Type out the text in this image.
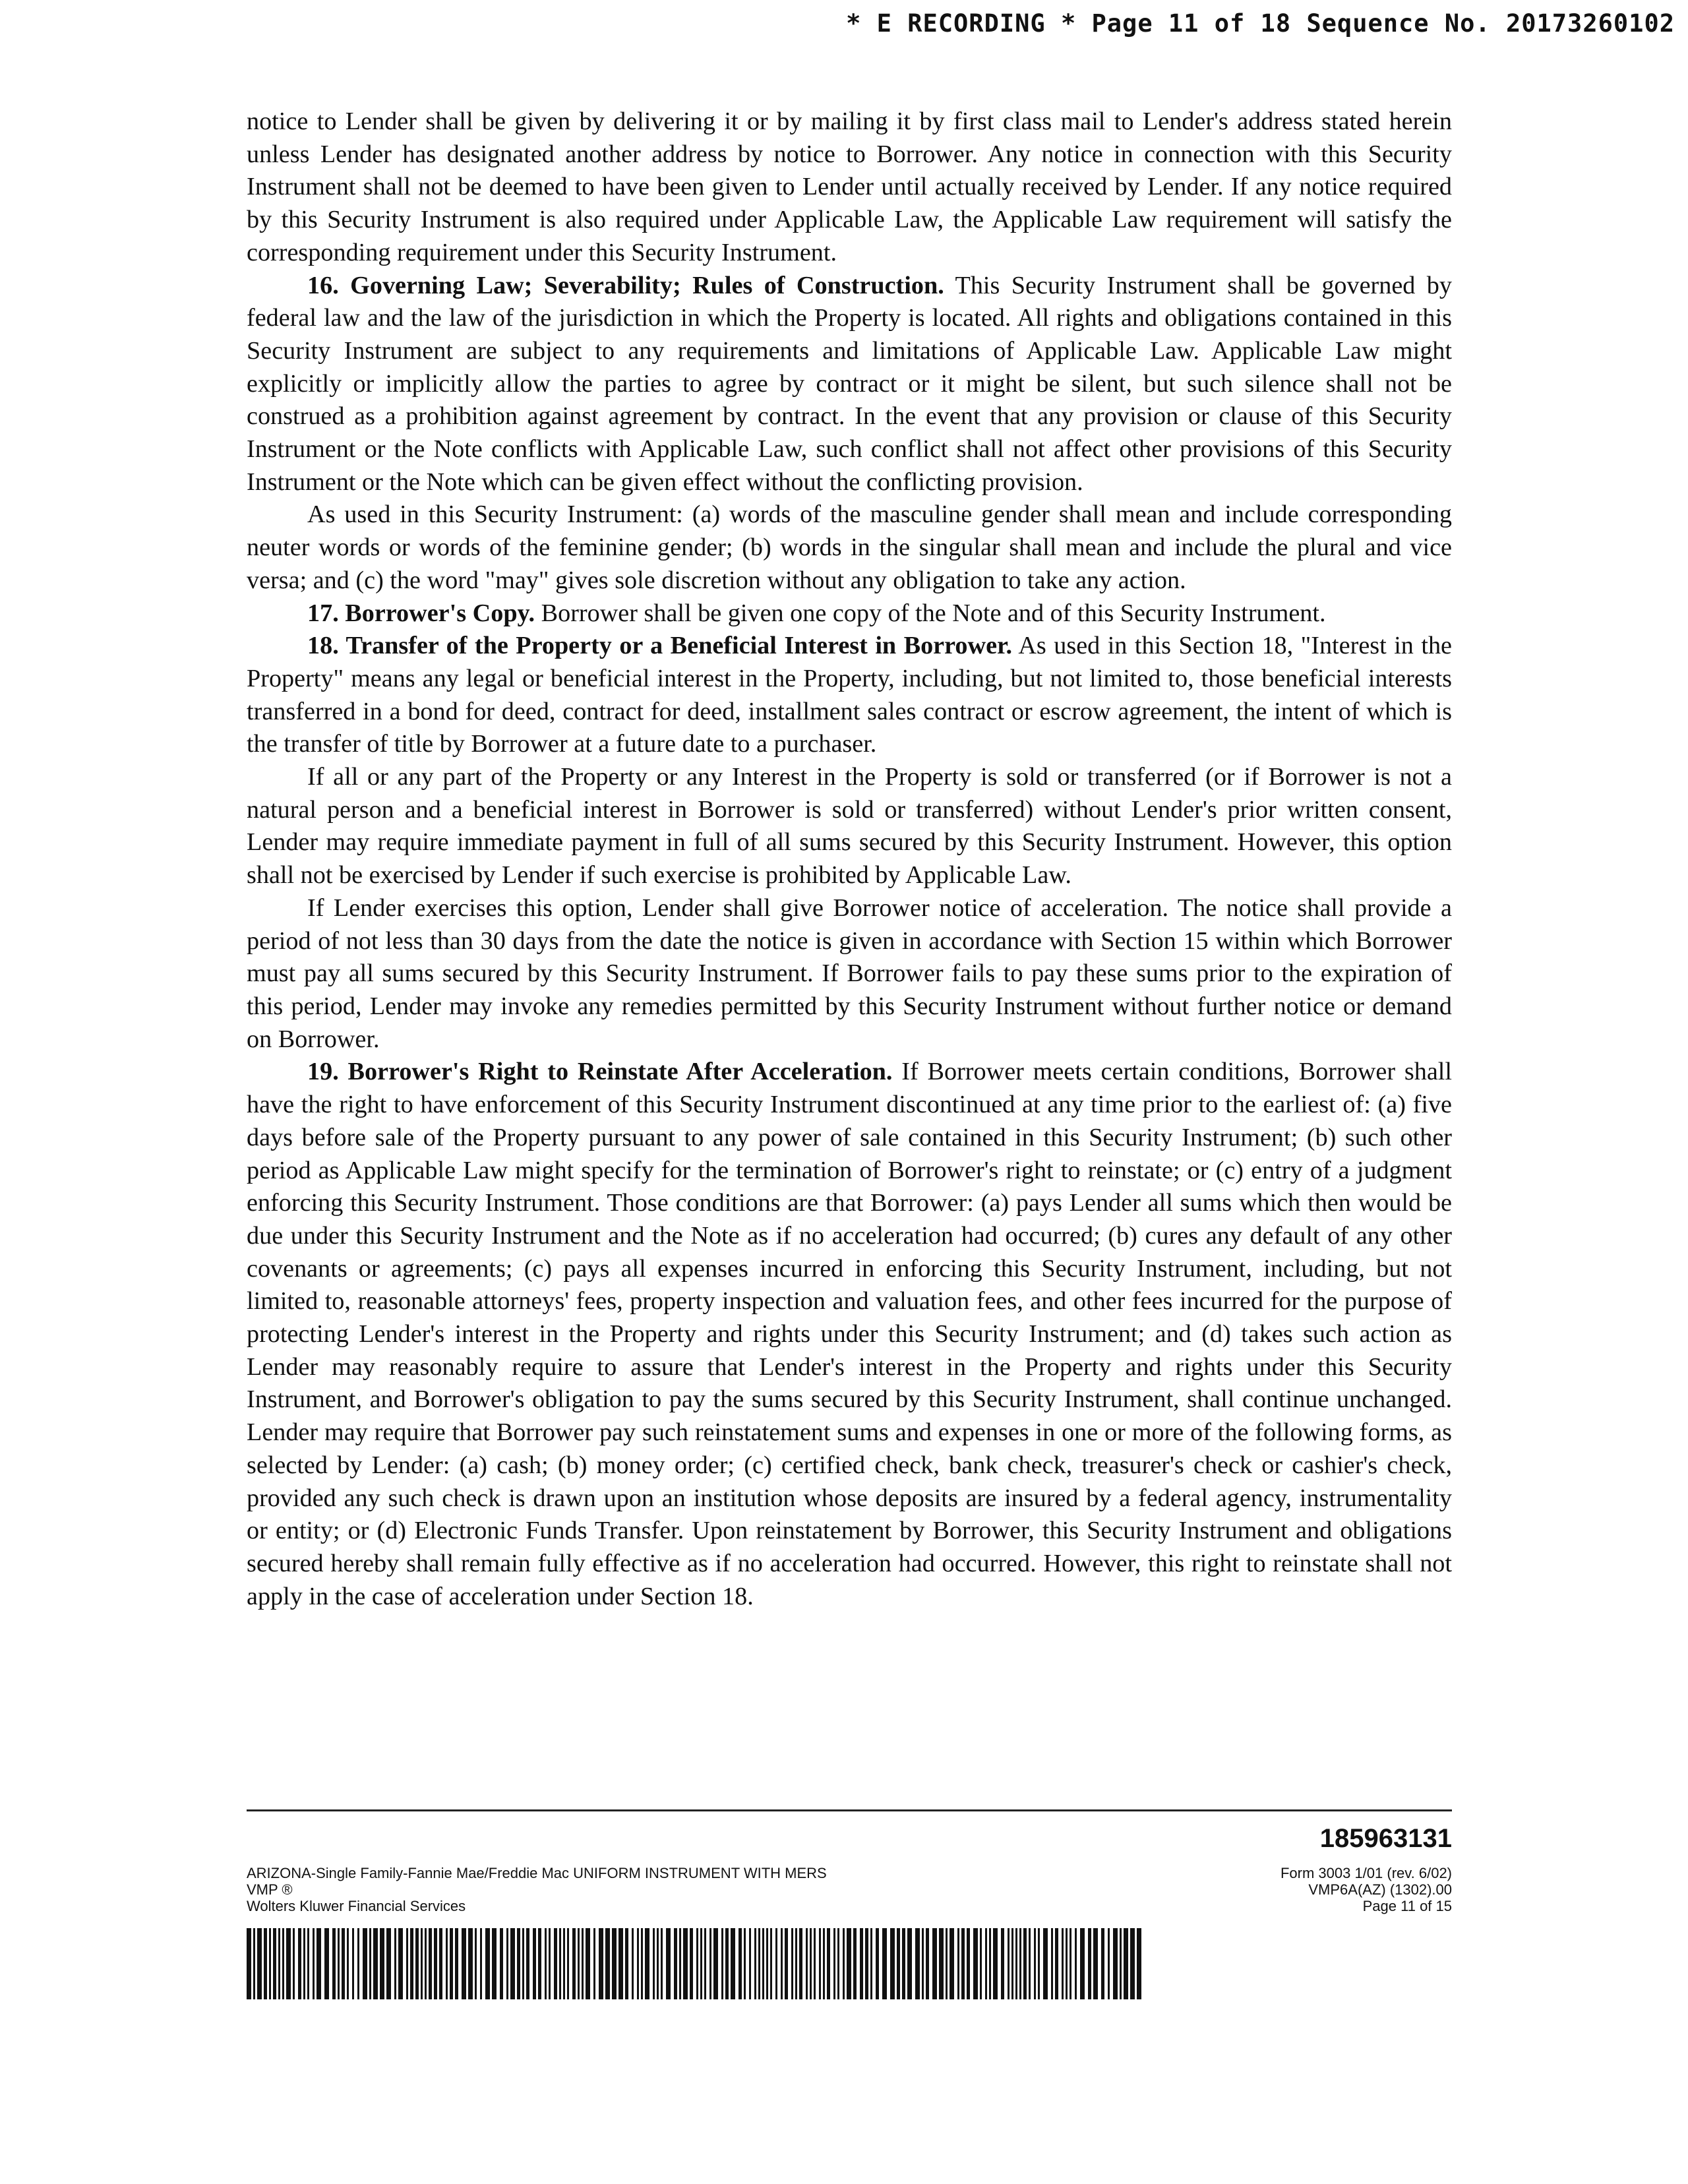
* E RECORDING * Page 11 of 18 Sequence No. 20173260102

notice to Lender shall be given by delivering it or by mailing it by first class mail to Lender's address stated herein unless Lender has designated another address by notice to Borrower. Any notice in connection with this Security Instrument shall not be deemed to have been given to Lender until actually received by Lender. If any notice required by this Security Instrument is also required under Applicable Law, the Applicable Law requirement will satisfy the corresponding requirement under this Security Instrument.

16. Governing Law; Severability; Rules of Construction. This Security Instrument shall be governed by federal law and the law of the jurisdiction in which the Property is located. All rights and obligations contained in this Security Instrument are subject to any requirements and limitations of Applicable Law. Applicable Law might explicitly or implicitly allow the parties to agree by contract or it might be silent, but such silence shall not be construed as a prohibition against agreement by contract. In the event that any provision or clause of this Security Instrument or the Note conflicts with Applicable Law, such conflict shall not affect other provisions of this Security Instrument or the Note which can be given effect without the conflicting provision.

As used in this Security Instrument: (a) words of the masculine gender shall mean and include corresponding neuter words or words of the feminine gender; (b) words in the singular shall mean and include the plural and vice versa; and (c) the word "may" gives sole discretion without any obligation to take any action.

17. Borrower's Copy. Borrower shall be given one copy of the Note and of this Security Instrument.

18. Transfer of the Property or a Beneficial Interest in Borrower. As used in this Section 18, "Interest in the Property" means any legal or beneficial interest in the Property, including, but not limited to, those beneficial interests transferred in a bond for deed, contract for deed, installment sales contract or escrow agreement, the intent of which is the transfer of title by Borrower at a future date to a purchaser.

If all or any part of the Property or any Interest in the Property is sold or transferred (or if Borrower is not a natural person and a beneficial interest in Borrower is sold or transferred) without Lender's prior written consent, Lender may require immediate payment in full of all sums secured by this Security Instrument. However, this option shall not be exercised by Lender if such exercise is prohibited by Applicable Law.

If Lender exercises this option, Lender shall give Borrower notice of acceleration. The notice shall provide a period of not less than 30 days from the date the notice is given in accordance with Section 15 within which Borrower must pay all sums secured by this Security Instrument. If Borrower fails to pay these sums prior to the expiration of this period, Lender may invoke any remedies permitted by this Security Instrument without further notice or demand on Borrower.

19. Borrower's Right to Reinstate After Acceleration. If Borrower meets certain conditions, Borrower shall have the right to have enforcement of this Security Instrument discontinued at any time prior to the earliest of: (a) five days before sale of the Property pursuant to any power of sale contained in this Security Instrument; (b) such other period as Applicable Law might specify for the termination of Borrower's right to reinstate; or (c) entry of a judgment enforcing this Security Instrument. Those conditions are that Borrower: (a) pays Lender all sums which then would be due under this Security Instrument and the Note as if no acceleration had occurred; (b) cures any default of any other covenants or agreements; (c) pays all expenses incurred in enforcing this Security Instrument, including, but not limited to, reasonable attorneys' fees, property inspection and valuation fees, and other fees incurred for the purpose of protecting Lender's interest in the Property and rights under this Security Instrument; and (d) takes such action as Lender may reasonably require to assure that Lender's interest in the Property and rights under this Security Instrument, and Borrower's obligation to pay the sums secured by this Security Instrument, shall continue unchanged. Lender may require that Borrower pay such reinstatement sums and expenses in one or more of the following forms, as selected by Lender: (a) cash; (b) money order; (c) certified check, bank check, treasurer's check or cashier's check, provided any such check is drawn upon an institution whose deposits are insured by a federal agency, instrumentality or entity; or (d) Electronic Funds Transfer. Upon reinstatement by Borrower, this Security Instrument and obligations secured hereby shall remain fully effective as if no acceleration had occurred. However, this right to reinstate shall not apply in the case of acceleration under Section 18.

185963131
ARIZONA-Single Family-Fannie Mae/Freddie Mac UNIFORM INSTRUMENT WITH MERS
VMP ®
Wolters Kluwer Financial Services
Form 3003 1/01 (rev. 6/02)
VMP6A(AZ) (1302).00
Page 11 of 15
